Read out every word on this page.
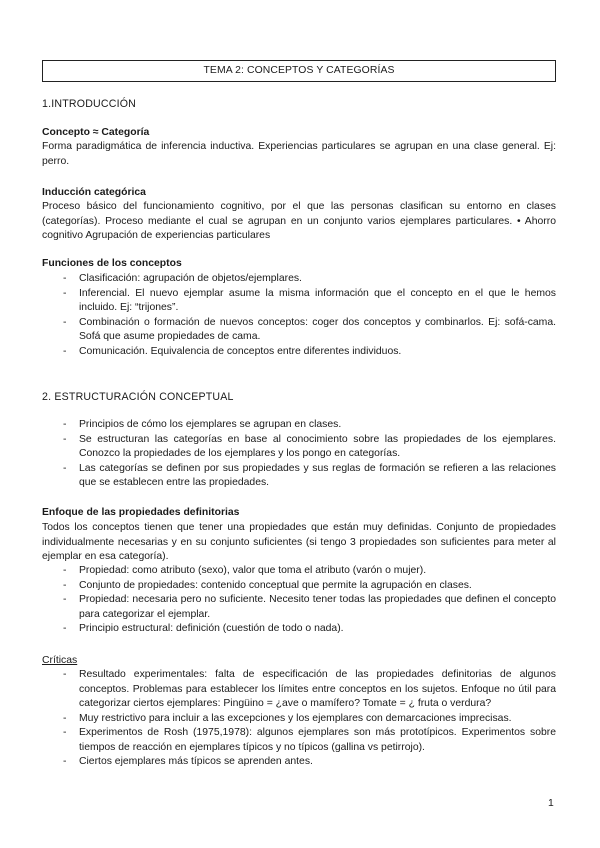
TEMA 2: CONCEPTOS Y CATEGORÍAS
1.INTRODUCCIÓN
Concepto ≈ Categoría
Forma paradigmática de inferencia inductiva. Experiencias particulares se agrupan en una clase general. Ej: perro.
Inducción categórica
Proceso básico del funcionamiento cognitivo, por el que las personas clasifican su entorno en clases (categorías). Proceso mediante el cual se agrupan en un conjunto varios ejemplares particulares. • Ahorro cognitivo Agrupación de experiencias particulares
Funciones de los conceptos
- Clasificación: agrupación de objetos/ejemplares.
- Inferencial. El nuevo ejemplar asume la misma información que el concepto en el que le hemos incluido. Ej: “trijones”.
- Combinación o formación de nuevos conceptos: coger dos conceptos y combinarlos. Ej: sofá-cama. Sofá que asume propiedades de cama.
- Comunicación. Equivalencia de conceptos entre diferentes individuos.
2. ESTRUCTURACIÓN CONCEPTUAL
- Principios de cómo los ejemplares se agrupan en clases.
- Se estructuran las categorías en base al conocimiento sobre las propiedades de los ejemplares. Conozco la propiedades de los ejemplares y los pongo en categorías.
- Las categorías se definen por sus propiedades y sus reglas de formación se refieren a las relaciones que se establecen entre las propiedades.
Enfoque de las propiedades definitorias
Todos los conceptos tienen que tener una propiedades que están muy definidas. Conjunto de propiedades individualmente necesarias y en su conjunto suficientes (si tengo 3 propiedades son suficientes para meter al ejemplar en esa categoría).
- Propiedad: como atributo (sexo), valor que toma el atributo (varón o mujer).
- Conjunto de propiedades: contenido conceptual que permite la agrupación en clases.
- Propiedad: necesaria pero no suficiente. Necesito tener todas las propiedades que definen el concepto para categorizar el ejemplar.
- Principio estructural: definición (cuestión de todo o nada).
Críticas
- Resultado experimentales: falta de especificación de las propiedades definitorias de algunos conceptos. Problemas para establecer los límites entre conceptos en los sujetos. Enfoque no útil para categorizar ciertos ejemplares: Pingüino = ¿ave o mamífero? Tomate = ¿ fruta o verdura?
- Muy restrictivo para incluir a las excepciones y los ejemplares con demarcaciones imprecisas.
- Experimentos de Rosh (1975,1978): algunos ejemplares son más prototípicos. Experimentos sobre tiempos de reacción en ejemplares típicos y no típicos (gallina vs petirrojo).
- Ciertos ejemplares más típicos se aprenden antes.
1
